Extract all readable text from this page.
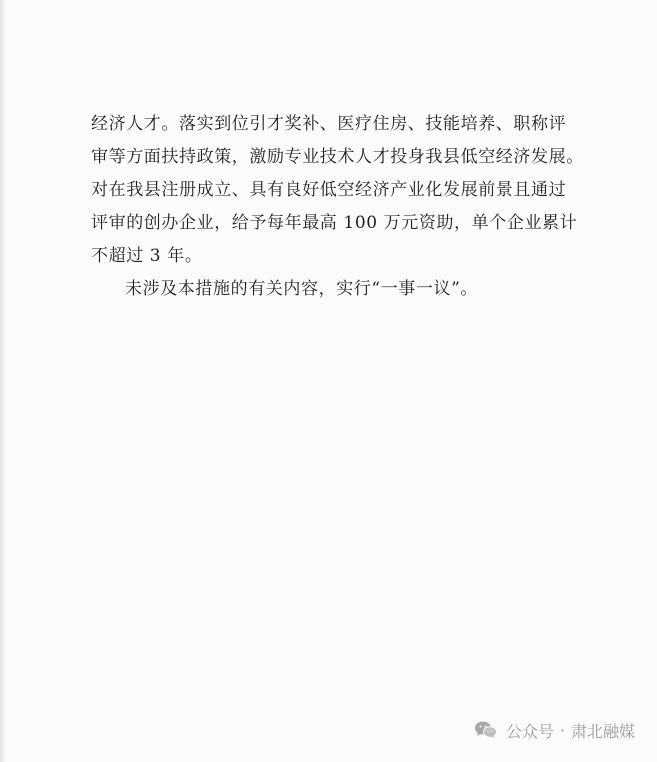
经济人才。落实到位引才奖补、医疗住房、技能培养、职称评
审等方面扶持政策，激励专业技术人才投身我县低空经济发展。
对在我县注册成立、具有良好低空经济产业化发展前景且通过
评审的创办企业，给予每年最高 100 万元资助，单个企业累计
不超过 3 年。
未涉及本措施的有关内容，实行“一事一议”。
公众号 · 肃北融媒
